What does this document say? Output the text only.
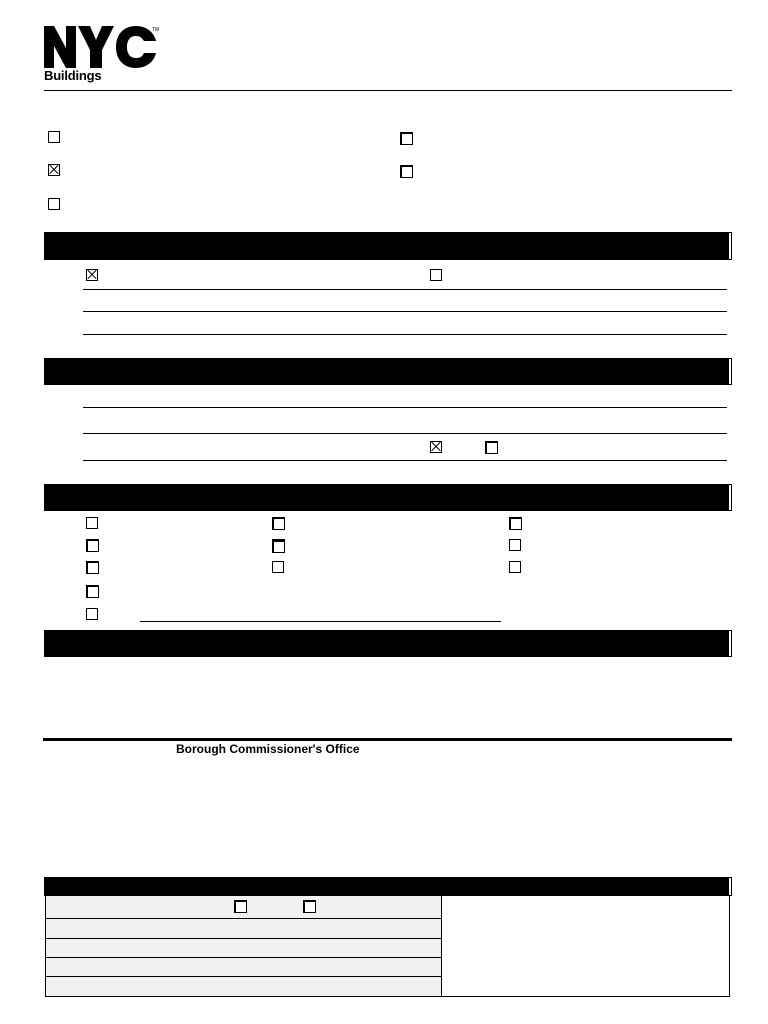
TM
Buildings
Borough Commissioner's Office
